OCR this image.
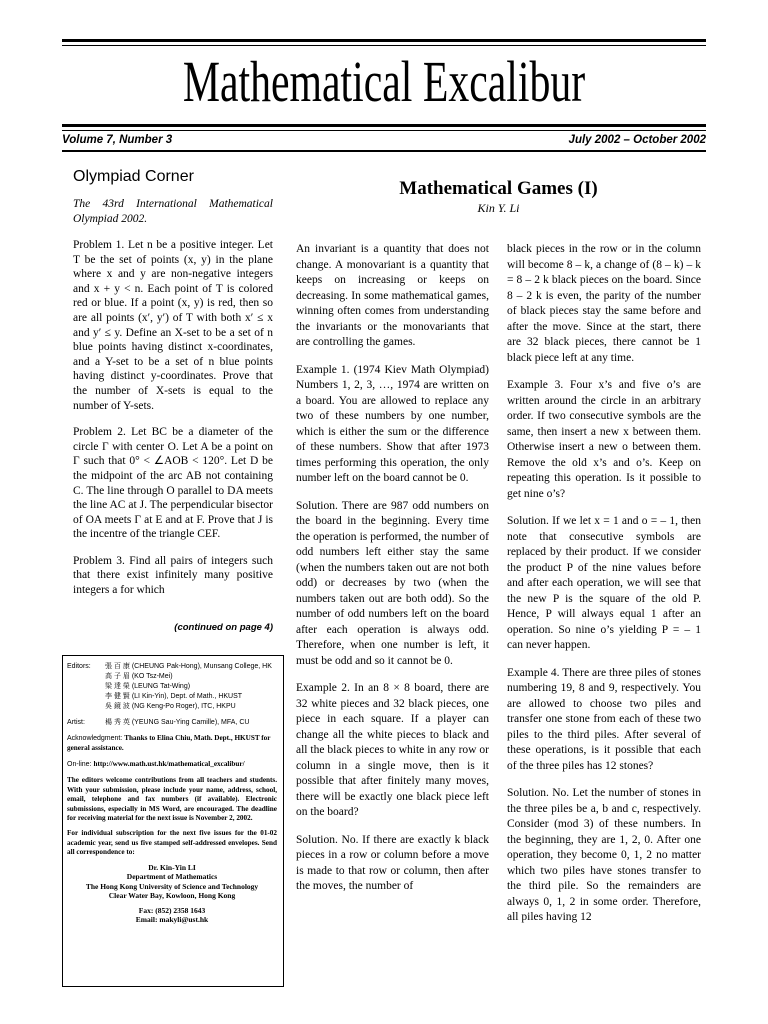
Mathematical Excalibur
Volume 7, Number 3	July 2002 – October 2002
Olympiad Corner
The 43rd International Mathematical Olympiad 2002.

Problem 1. Let n be a positive integer. Let T be the set of points (x, y) in the plane where x and y are non-negative integers and x + y < n. Each point of T is colored red or blue. If a point (x, y) is red, then so are all points (x′, y′) of T with both x′ ≤ x and y′ ≤ y. Define an X-set to be a set of n blue points having distinct x-coordinates, and a Y-set to be a set of n blue points having distinct y-coordinates. Prove that the number of X-sets is equal to the number of Y-sets.

Problem 2. Let BC be a diameter of the circle Γ with center O. Let A be a point on Γ such that 0° < ∠AOB < 120°. Let D be the midpoint of the arc AB not containing C. The line through O parallel to DA meets the line AC at J. The perpendicular bisector of OA meets Γ at E and at F. Prove that J is the incentre of the triangle CEF.

Problem 3. Find all pairs of integers such that there exist infinitely many positive integers a for which

(continued on page 4)
Editors:	張 百 康 (CHEUNG Pak-Hong), Munsang College, HK
高 子 眉 (KO Tsz-Mei)
梁 達 榮 (LEUNG Tat-Wing)
李 健 賢 (LI Kin-Yin), Dept. of Math., HKUST
吳 鏡 波 (NG Keng-Po Roger), ITC, HKPU
Artist:	楊 秀 英 (YEUNG Sau-Ying Camille), MFA, CU
Acknowledgment: Thanks to Elina Chiu, Math. Dept., HKUST for general assistance.
On-line: http://www.math.ust.hk/mathematical_excalibur/
The editors welcome contributions from all teachers and students. With your submission, please include your name, address, school, email, telephone and fax numbers (if available). Electronic submissions, especially in MS Word, are encouraged. The deadline for receiving material for the next issue is November 2, 2002.
For individual subscription for the next five issues for the 01-02 academic year, send us five stamped self-addressed envelopes. Send all correspondence to:
Dr. Kin-Yin LI
Department of Mathematics
The Hong Kong University of Science and Technology
Clear Water Bay, Kowloon, Hong Kong
Fax: (852) 2358 1643
Email: makyli@ust.hk
Mathematical Games (I)
Kin Y. Li

An invariant is a quantity that does not change. A monovariant is a quantity that keeps on increasing or keeps on decreasing. In some mathematical games, winning often comes from understanding the invariants or the monovariants that are controlling the games.

Example 1. (1974 Kiev Math Olympiad) Numbers 1, 2, 3, …, 1974 are written on a board. You are allowed to replace any two of these numbers by one number, which is either the sum or the difference of these numbers. Show that after 1973 times performing this operation, the only number left on the board cannot be 0.

Solution. There are 987 odd numbers on the board in the beginning. Every time the operation is performed, the number of odd numbers left either stay the same (when the numbers taken out are not both odd) or decreases by two (when the numbers taken out are both odd). So the number of odd numbers left on the board after each operation is always odd. Therefore, when one number is left, it must be odd and so it cannot be 0.

Example 2. In an 8 × 8 board, there are 32 white pieces and 32 black pieces, one piece in each square. If a player can change all the white pieces to black and all the black pieces to white in any row or column in a single move, then is it possible that after finitely many moves, there will be exactly one black piece left on the board?

Solution. No. If there are exactly k black pieces in a row or column before a move is made to that row or column, then after the moves, the number of

black pieces in the row or in the column will become 8 – k, a change of (8 – k) – k = 8 – 2 k black pieces on the board. Since 8 – 2 k is even, the parity of the number of black pieces stay the same before and after the move. Since at the start, there are 32 black pieces, there cannot be 1 black piece left at any time.

Example 3. Four x’s and five o’s are written around the circle in an arbitrary order. If two consecutive symbols are the same, then insert a new x between them. Otherwise insert a new o between them. Remove the old x’s and o’s. Keep on repeating this operation. Is it possible to get nine o’s?

Solution. If we let x = 1 and o = – 1, then note that consecutive symbols are replaced by their product. If we consider the product P of the nine values before and after each operation, we will see that the new P is the square of the old P. Hence, P will always equal 1 after an operation. So nine o’s yielding P = – 1 can never happen.

Example 4. There are three piles of stones numbering 19, 8 and 9, respectively. You are allowed to choose two piles and transfer one stone from each of these two piles to the third piles. After several of these operations, is it possible that each of the three piles has 12 stones?

Solution. No. Let the number of stones in the three piles be a, b and c, respectively. Consider (mod 3) of these numbers. In the beginning, they are 1, 2, 0. After one operation, they become 0, 1, 2 no matter which two piles have stones transfer to the third pile. So the remainders are always 0, 1, 2 in some order. Therefore, all piles having 12
